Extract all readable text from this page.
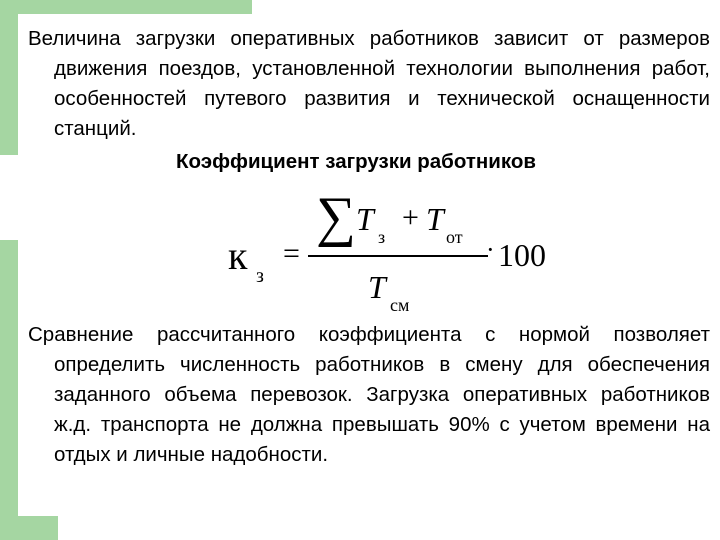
Величина загрузки оперативных работников зависит от размеров движения поездов, установленной технологии выполнения работ, особенностей путевого развития и технической оснащенности станций.

Коэффициент загрузки работников

к з
=
∑ T з
+ T от · 100
T см

Сравнение рассчитанного коэффициента с нормой позволяет определить численность работников в смену для обеспечения заданного объема перевозок. Загрузка оперативных работников ж.д. транспорта не должна превышать 90% с учетом времени на отдых и личные надобности.
